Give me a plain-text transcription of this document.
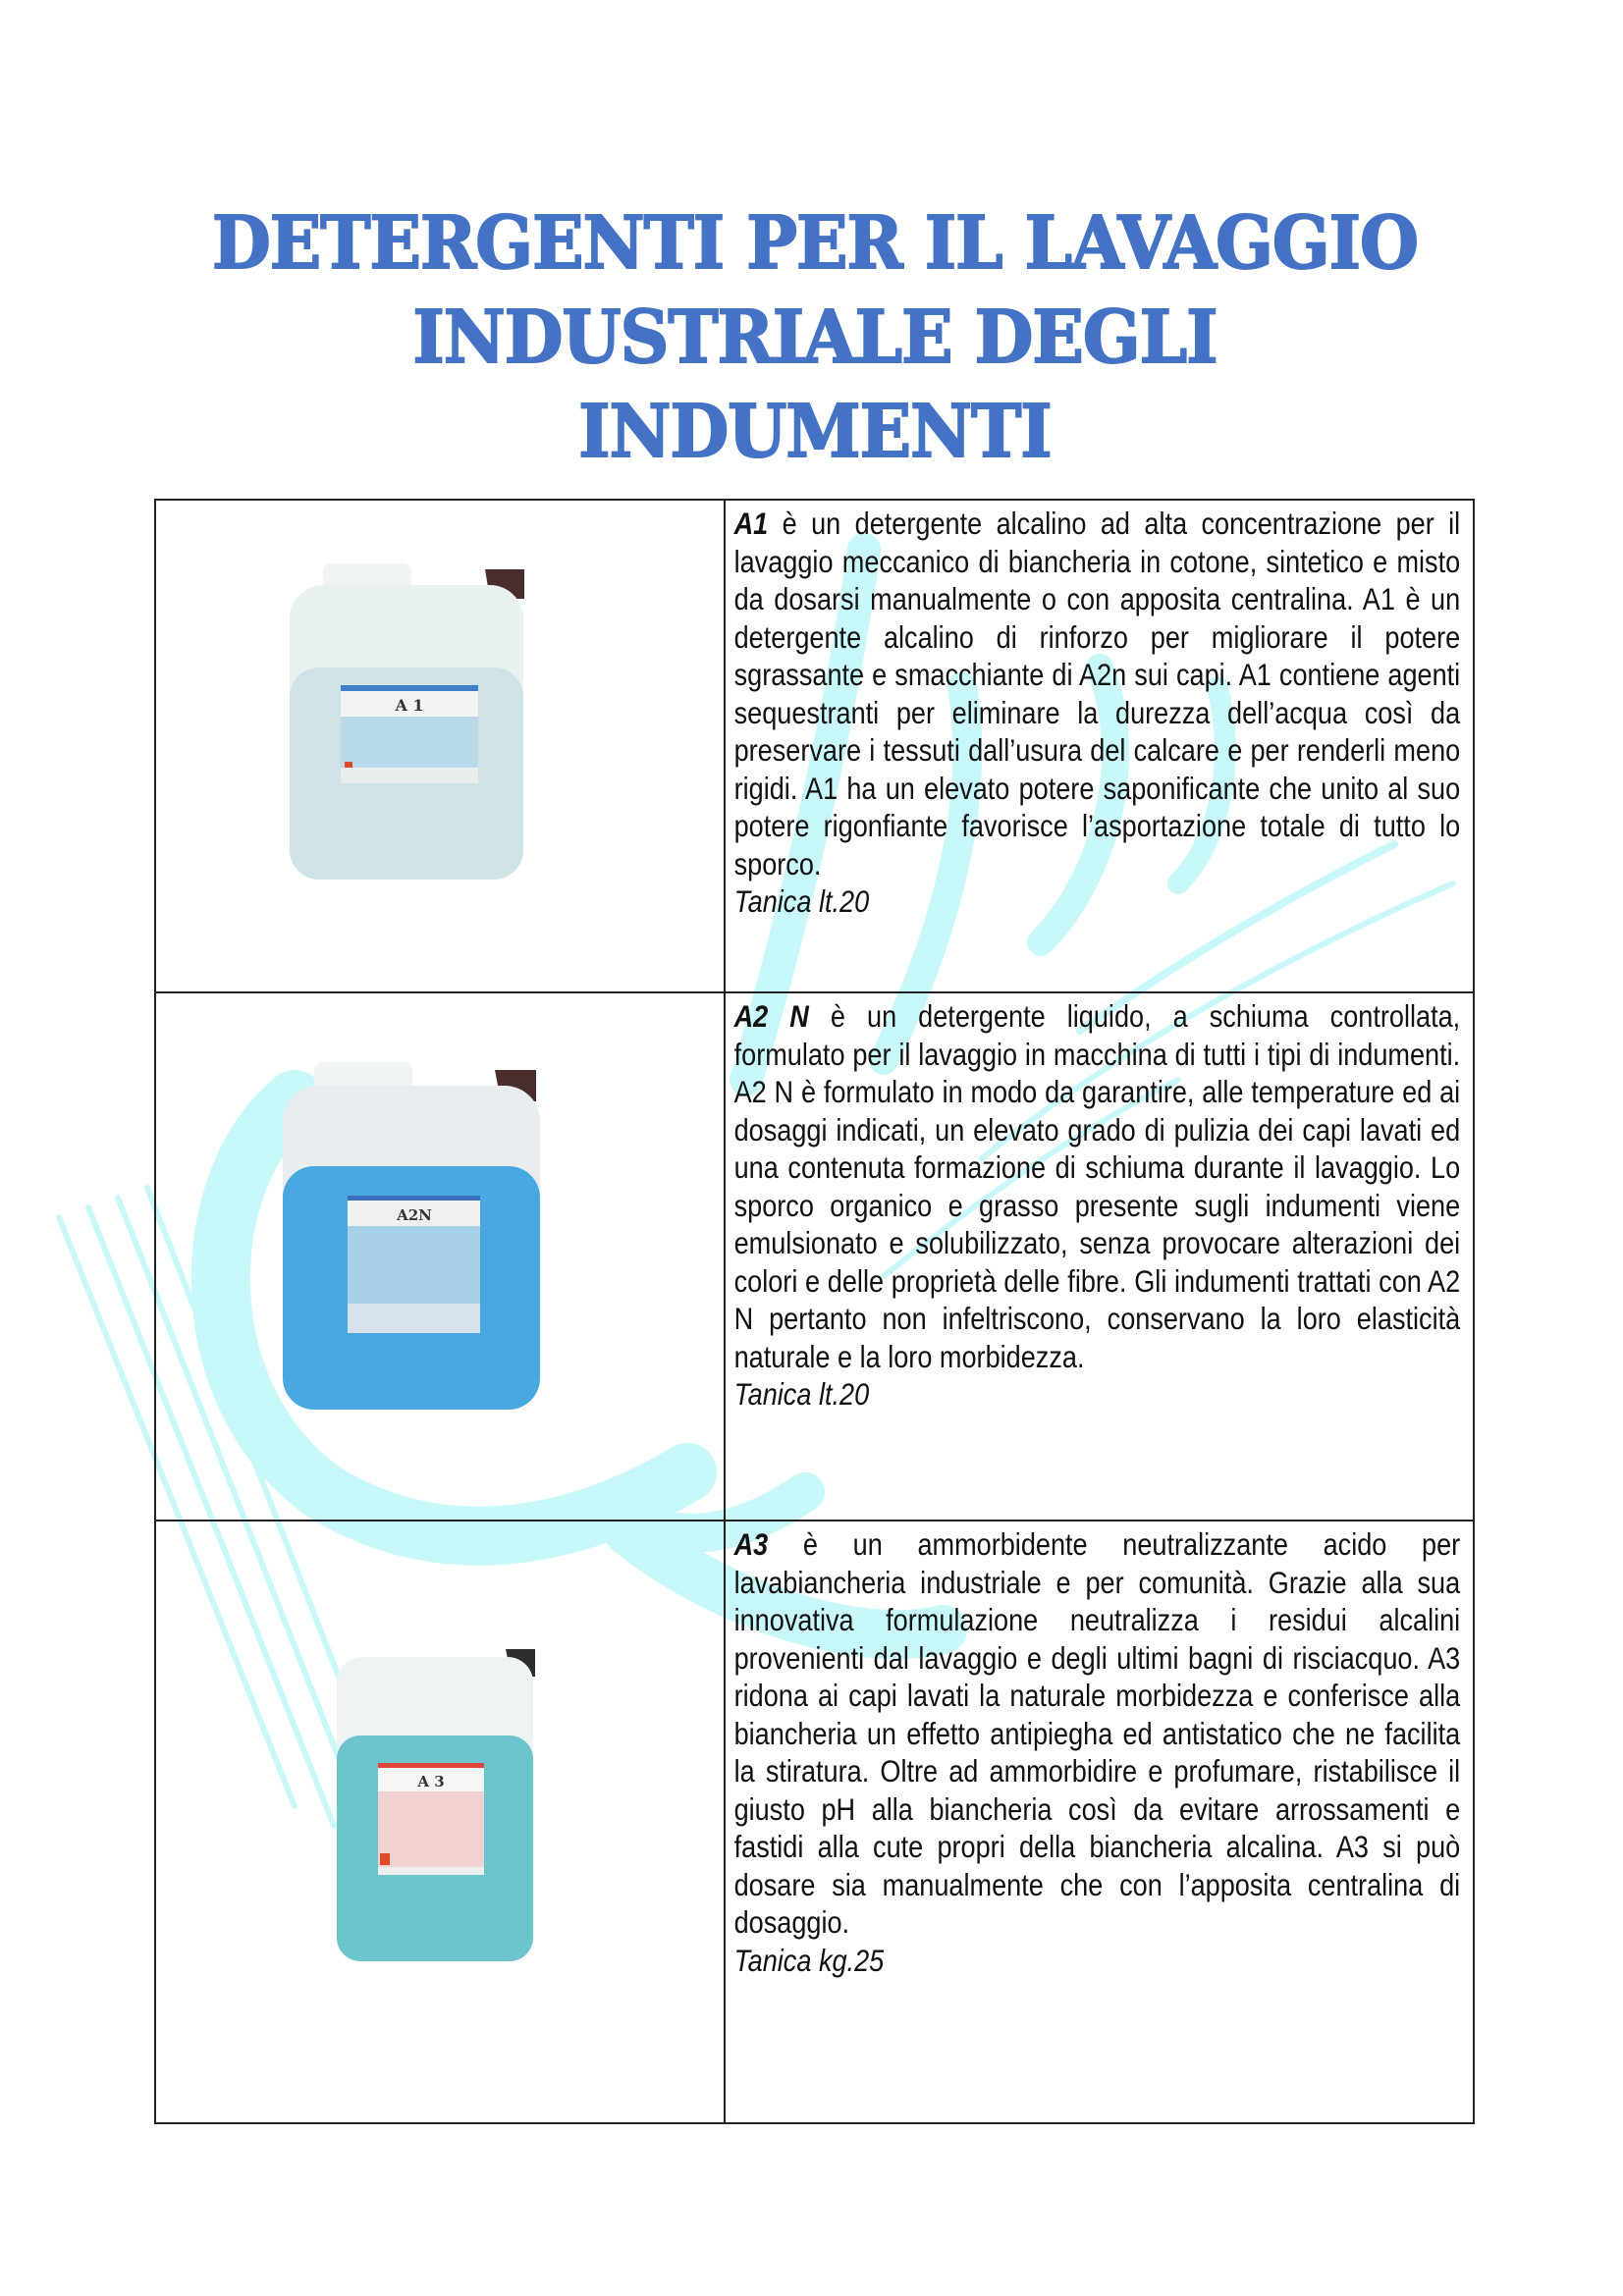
DETERGENTI PER IL LAVAGGIO
INDUSTRIALE DEGLI
INDUMENTI
A 1	A1 è un detergente alcalino ad alta concentrazione per il lavaggio meccanico di biancheria in cotone, sintetico e misto da dosarsi manualmente o con apposita centralina. A1 è un detergente alcalino di rinforzo per migliorare il potere sgrassante e smacchiante di A2n sui capi. A1 contiene agenti sequestranti per eliminare la durezza dell’acqua così da preservare i tessuti dall’usura del calcare e per renderli meno rigidi. A1 ha un elevato potere saponificante che unito al suo potere rigonfiante favorisce l’asportazione totale di tutto lo sporco.
Tanica lt.20

A2N	A2 N è un detergente liquido, a schiuma controllata, formulato per il lavaggio in macchina di tutti i tipi di indumenti. A2 N è formulato in modo da garantire, alle temperature ed ai dosaggi indicati, un elevato grado di pulizia dei capi lavati ed una contenuta formazione di schiuma durante il lavaggio. Lo sporco organico e grasso presente sugli indumenti viene emulsionato e solubilizzato, senza provocare alterazioni dei colori e delle proprietà delle fibre. Gli indumenti trattati con A2 N pertanto non infeltriscono, conservano la loro elasticità naturale e la loro morbidezza.
Tanica lt.20

A 3	A3 è un ammorbidente neutralizzante acido per lavabiancheria industriale e per comunità. Grazie alla sua innovativa formulazione neutralizza i residui alcalini provenienti dal lavaggio e degli ultimi bagni di risciacquo. A3 ridona ai capi lavati la naturale morbidezza e conferisce alla biancheria un effetto antipiegha ed antistatico che ne facilita la stiratura. Oltre ad ammorbidire e profumare, ristabilisce il giusto pH alla biancheria così da evitare arrossamenti e fastidi alla cute propri della biancheria alcalina. A3 si può dosare sia manualmente che con l’apposita centralina di dosaggio.
Tanica kg.25
